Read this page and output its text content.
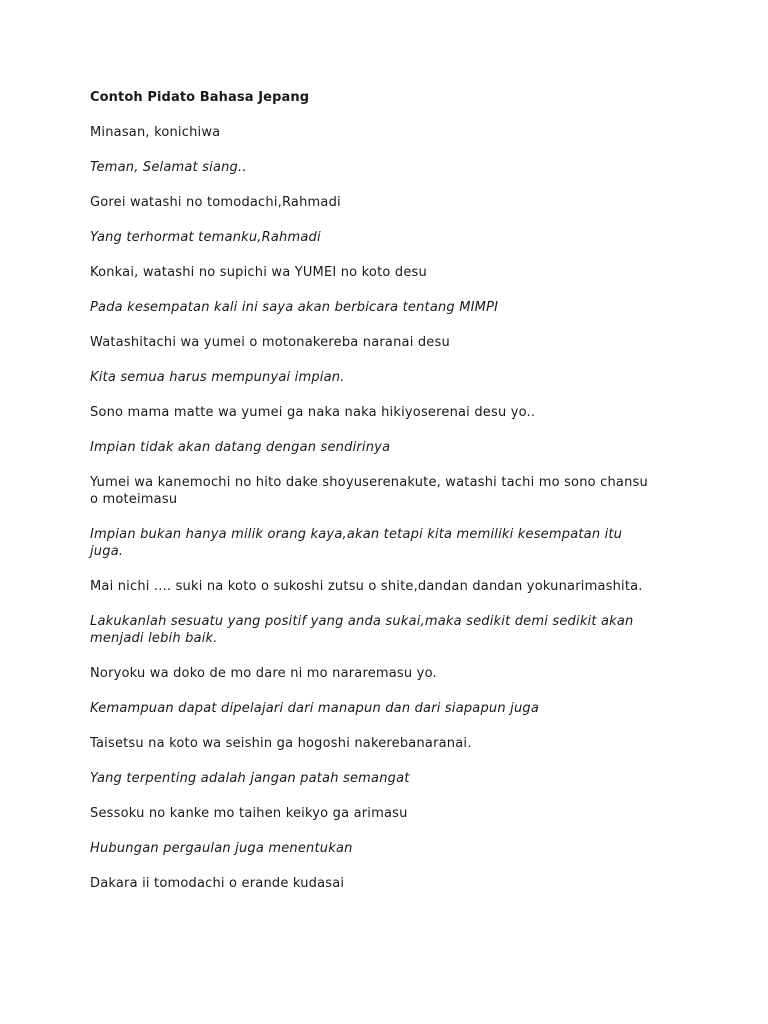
Contoh Pidato Bahasa Jepang

Minasan, konichiwa

Teman, Selamat siang..

Gorei watashi no tomodachi,Rahmadi

Yang terhormat temanku,Rahmadi

Konkai, watashi no supichi wa YUMEI no koto desu

Pada kesempatan kali ini saya akan berbicara tentang MIMPI

Watashitachi wa yumei o motonakereba naranai desu

Kita semua harus mempunyai impian.

Sono mama matte wa yumei ga naka naka hikiyoserenai desu yo..

Impian tidak akan datang dengan sendirinya

Yumei wa kanemochi no hito dake shoyuserenakute, watashi tachi mo sono chansu o moteimasu

Impian bukan hanya milik orang kaya,akan tetapi kita memiliki kesempatan itu juga.

Mai nichi .... suki na koto o sukoshi zutsu o shite,dandan dandan yokunarimashita.

Lakukanlah sesuatu yang positif yang anda sukai,maka sedikit demi sedikit akan menjadi lebih baik.

Noryoku wa doko de mo dare ni mo nararemasu yo.

Kemampuan dapat dipelajari dari manapun dan dari siapapun juga

Taisetsu na koto wa seishin ga hogoshi nakerebanaranai.

Yang terpenting adalah jangan patah semangat

Sessoku no kanke mo taihen keikyo ga arimasu

Hubungan pergaulan juga menentukan

Dakara ii tomodachi o erande kudasai
